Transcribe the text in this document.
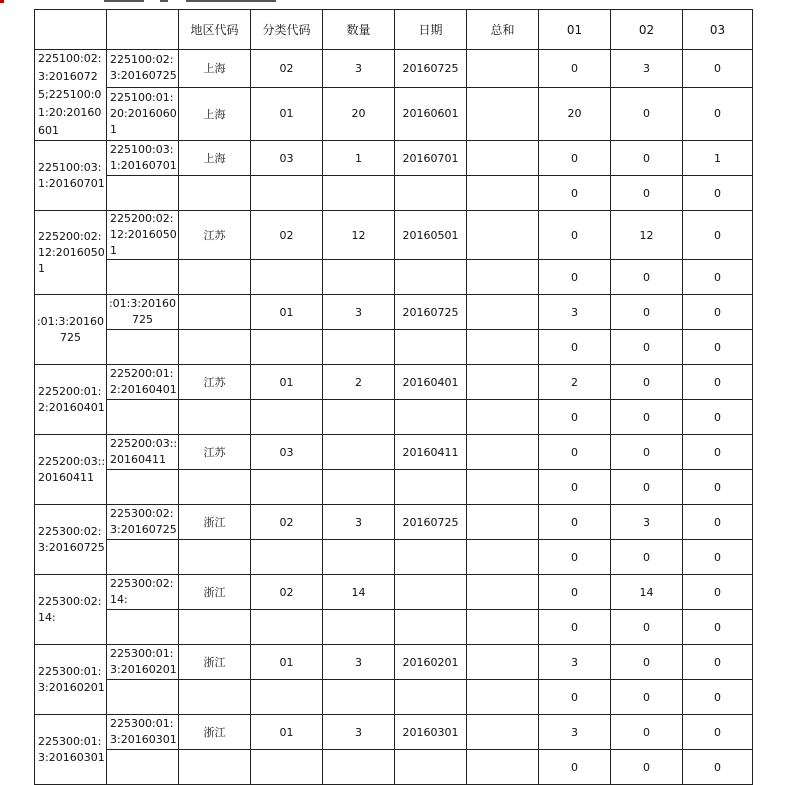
		地区代码	分类代码	数量	日期	总和	01	02	03
225100:02:3:20160725;225100:01:20:20160601	225100:02:3:20160725	上海	02	3	20160725		0	3	0
	225100:01:20:20160601	上海	01	20	20160601		20	0	0
225100:03:1:20160701	225100:03:1:20160701	上海	03	1	20160701		0	0	1
							0	0	0
225200:02:12:20160501	225200:02:12:20160501	江苏	02	12	20160501		0	12	0
							0	0	0
:01:3:20160725	:01:3:20160725		01	3	20160725		3	0	0
							0	0	0
225200:01:2:20160401	225200:01:2:20160401	江苏	01	2	20160401		2	0	0
							0	0	0
225200:03::20160411	225200:03::20160411	江苏	03		20160411		0	0	0
							0	0	0
225300:02:3:20160725	225300:02:3:20160725	浙江	02	3	20160725		0	3	0
							0	0	0
225300:02:14:	225300:02:14:	浙江	02	14			0	14	0
							0	0	0
225300:01:3:20160201	225300:01:3:20160201	浙江	01	3	20160201		3	0	0
							0	0	0
225300:01:3:20160301	225300:01:3:20160301	浙江	01	3	20160301		3	0	0
							0	0	0
